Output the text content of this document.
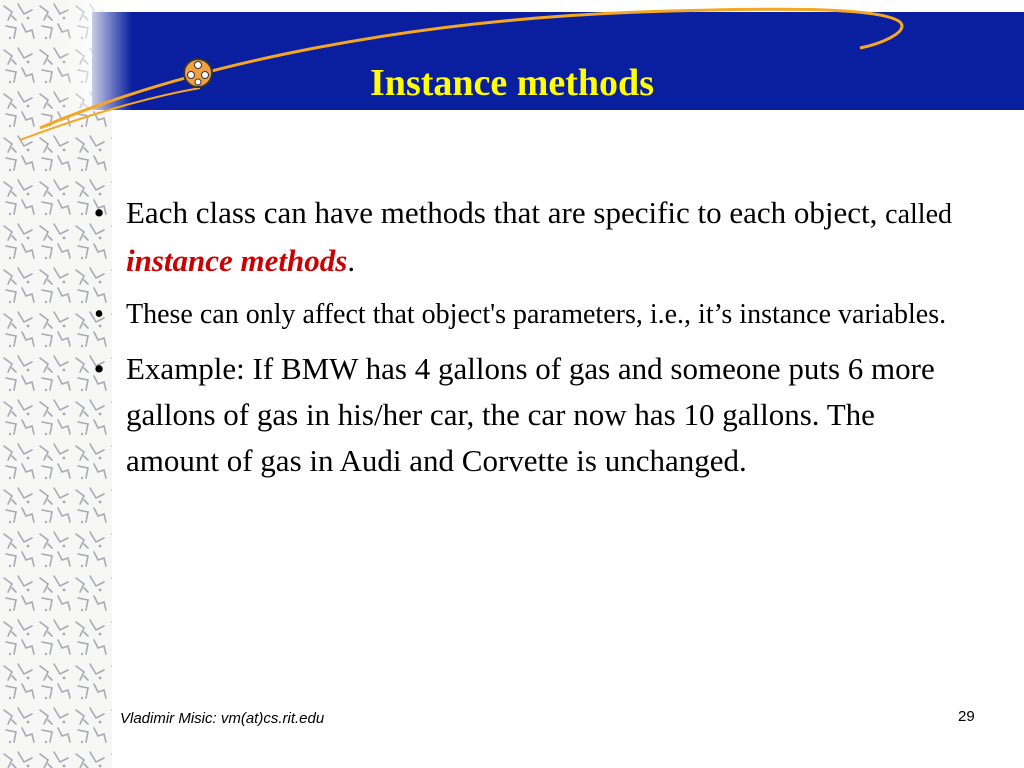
Instance methods
• Each class can have methods that are specific to each object, called instance methods.
• These can only affect that object's parameters, i.e., it’s instance variables.
• Example: If BMW has 4 gallons of gas and someone puts 6 more gallons of gas in his/her car, the car now has 10 gallons. The amount of gas in Audi and Corvette is unchanged.
Vladimir Misic: vm(at)cs.rit.edu	29
